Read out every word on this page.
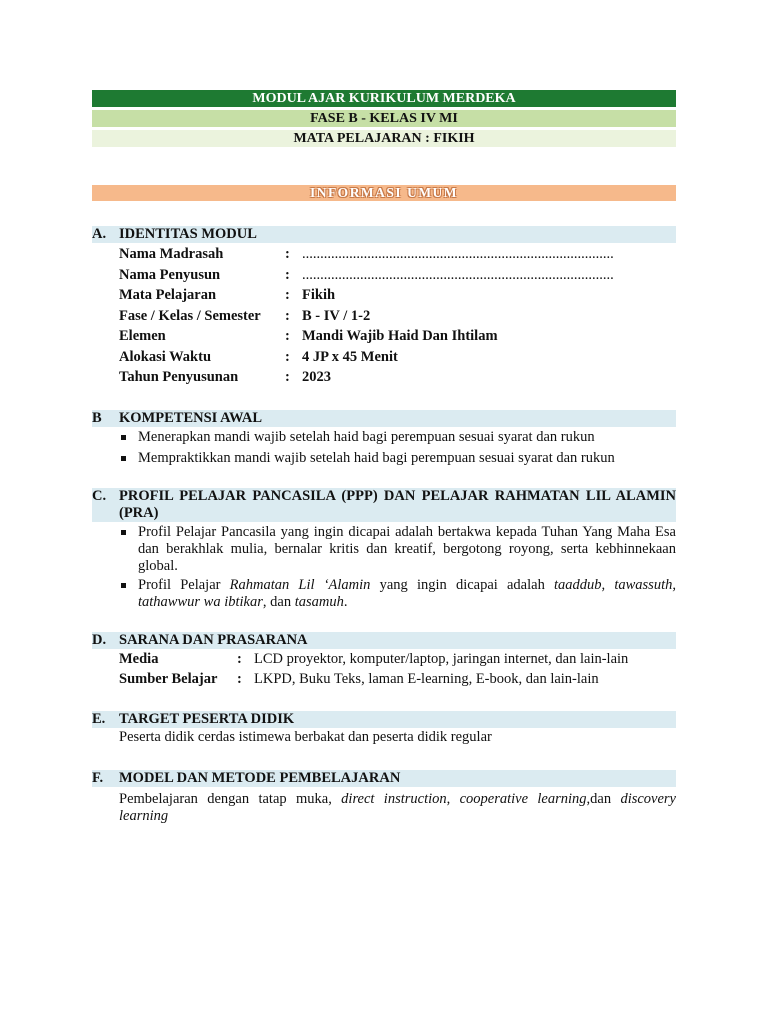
MODUL AJAR KURIKULUM MERDEKA
FASE B - KELAS IV MI
MATA PELAJARAN : FIKIH
INFORMASI UMUM
A. IDENTITAS MODUL
Nama Madrasah	: ......................................................................................
Nama Penyusun	: ......................................................................................
Mata Pelajaran	: Fikih
Fase / Kelas / Semester	: B - IV / 1-2
Elemen	: Mandi Wajib Haid Dan Ihtilam
Alokasi Waktu	: 4 JP x 45 Menit
Tahun Penyusunan	: 2023
B	KOMPETENSI AWAL
Menerapkan mandi wajib setelah haid bagi perempuan sesuai syarat dan rukun
Mempraktikkan mandi wajib setelah haid bagi perempuan sesuai syarat dan rukun
C. PROFIL PELAJAR PANCASILA (PPP) DAN PELAJAR RAHMATAN LIL ALAMIN (PRA)
Profil Pelajar Pancasila yang ingin dicapai adalah bertakwa kepada Tuhan Yang Maha Esa dan berakhlak mulia, bernalar kritis dan kreatif, bergotong royong, serta kebhinnekaan global.
Profil Pelajar Rahmatan Lil ‘Alamin yang ingin dicapai adalah taaddub, tawassuth, tathawwur wa ibtikar, dan tasamuh.
D. SARANA DAN PRASARANA
Media	: LCD proyektor, komputer/laptop, jaringan internet, dan lain-lain
Sumber Belajar	: LKPD, Buku Teks, laman E-learning, E-book, dan lain-lain
E. TARGET PESERTA DIDIK
Peserta didik cerdas istimewa berbakat dan peserta didik regular
F.	MODEL DAN METODE PEMBELAJARAN
Pembelajaran dengan tatap muka, direct instruction, cooperative learning,dan discovery learning
